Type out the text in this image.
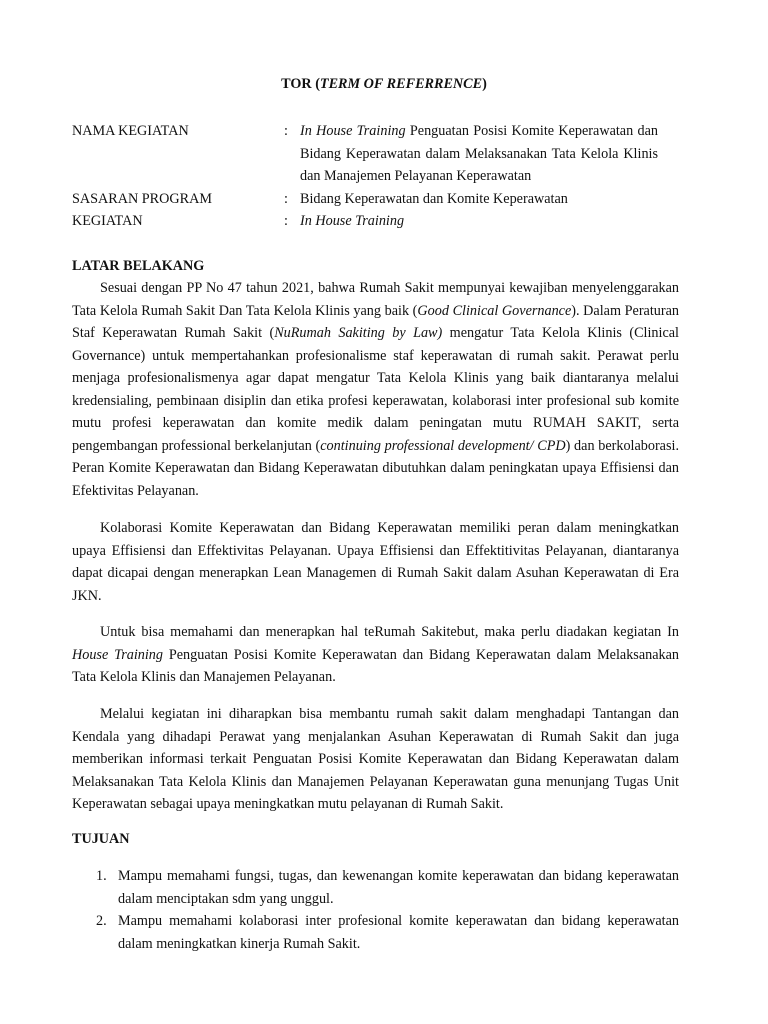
TOR (TERM OF REFERRENCE)
NAMA KEGIATAN	: In House Training Penguatan Posisi Komite Keperawatan dan Bidang Keperawatan dalam Melaksanakan Tata Kelola Klinis dan Manajemen Pelayanan Keperawatan
SASARAN PROGRAM	: Bidang Keperawatan dan Komite Keperawatan
KEGIATAN	: In House Training
LATAR BELAKANG

Sesuai dengan PP No 47 tahun 2021, bahwa Rumah Sakit mempunyai kewajiban menyelenggarakan Tata Kelola Rumah Sakit Dan Tata Kelola Klinis yang baik (Good Clinical Governance). Dalam Peraturan Staf Keperawatan Rumah Sakit (NuRumah Sakiting by Law) mengatur Tata Kelola Klinis (Clinical Governance) untuk mempertahankan profesionalisme staf keperawatan di rumah sakit. Perawat perlu menjaga profesionalismenya agar dapat mengatur Tata Kelola Klinis yang baik diantaranya melalui kredensialing, pembinaan disiplin dan etika profesi keperawatan, kolaborasi inter profesional sub komite mutu profesi keperawatan dan komite medik dalam peningatan mutu RUMAH SAKIT, serta pengembangan professional berkelanjutan (continuing professional development/ CPD) dan berkolaborasi. Peran Komite Keperawatan dan Bidang Keperawatan dibutuhkan dalam peningkatan upaya Effisiensi dan Efektivitas Pelayanan.

Kolaborasi Komite Keperawatan dan Bidang Keperawatan memiliki peran dalam meningkatkan upaya Effisiensi dan Effektivitas Pelayanan. Upaya Effisiensi dan Effektitivitas Pelayanan, diantaranya dapat dicapai dengan menerapkan Lean Managemen di Rumah Sakit dalam Asuhan Keperawatan di Era JKN.

Untuk bisa memahami dan menerapkan hal teRumah Sakitebut, maka perlu diadakan kegiatan In House Training Penguatan Posisi Komite Keperawatan dan Bidang Keperawatan dalam Melaksanakan Tata Kelola Klinis dan Manajemen Pelayanan.

Melalui kegiatan ini diharapkan bisa membantu rumah sakit dalam menghadapi Tantangan dan Kendala yang dihadapi Perawat yang menjalankan Asuhan Keperawatan di Rumah Sakit dan juga memberikan informasi terkait Penguatan Posisi Komite Keperawatan dan Bidang Keperawatan dalam Melaksanakan Tata Kelola Klinis dan Manajemen Pelayanan Keperawatan guna menunjang Tugas Unit Keperawatan sebagai upaya meningkatkan mutu pelayanan di Rumah Sakit.

TUJUAN
1. Mampu memahami fungsi, tugas, dan kewenangan komite keperawatan dan bidang keperawatan dalam menciptakan sdm yang unggul.
2. Mampu memahami kolaborasi inter profesional komite keperawatan dan bidang keperawatan dalam meningkatkan kinerja Rumah Sakit.
